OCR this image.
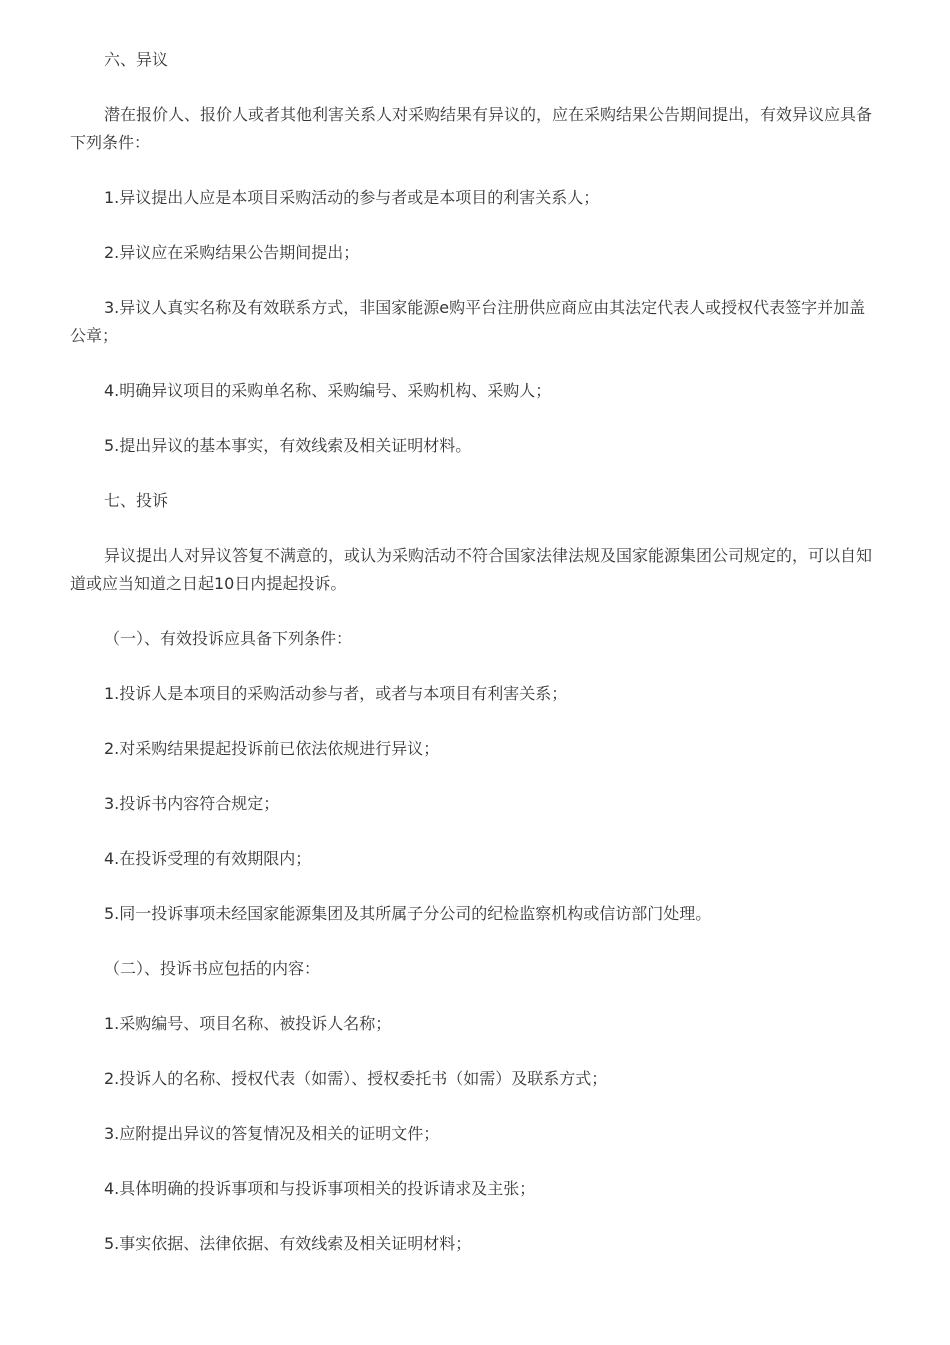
六、异议

潜在报价人、报价人或者其他利害关系人对采购结果有异议的，应在采购结果公告期间提出，有效异议应具备下列条件：

1.异议提出人应是本项目采购活动的参与者或是本项目的利害关系人；

2.异议应在采购结果公告期间提出；

3.异议人真实名称及有效联系方式，非国家能源e购平台注册供应商应由其法定代表人或授权代表签字并加盖公章；

4.明确异议项目的采购单名称、采购编号、采购机构、采购人；

5.提出异议的基本事实，有效线索及相关证明材料。

七、投诉

异议提出人对异议答复不满意的，或认为采购活动不符合国家法律法规及国家能源集团公司规定的，可以自知道或应当知道之日起10日内提起投诉。

（一）、有效投诉应具备下列条件：

1.投诉人是本项目的采购活动参与者，或者与本项目有利害关系；

2.对采购结果提起投诉前已依法依规进行异议；

3.投诉书内容符合规定；

4.在投诉受理的有效期限内；

5.同一投诉事项未经国家能源集团及其所属子分公司的纪检监察机构或信访部门处理。

（二）、投诉书应包括的内容：

1.采购编号、项目名称、被投诉人名称；

2.投诉人的名称、授权代表（如需）、授权委托书（如需）及联系方式；

3.应附提出异议的答复情况及相关的证明文件；

4.具体明确的投诉事项和与投诉事项相关的投诉请求及主张；

5.事实依据、法律依据、有效线索及相关证明材料；
